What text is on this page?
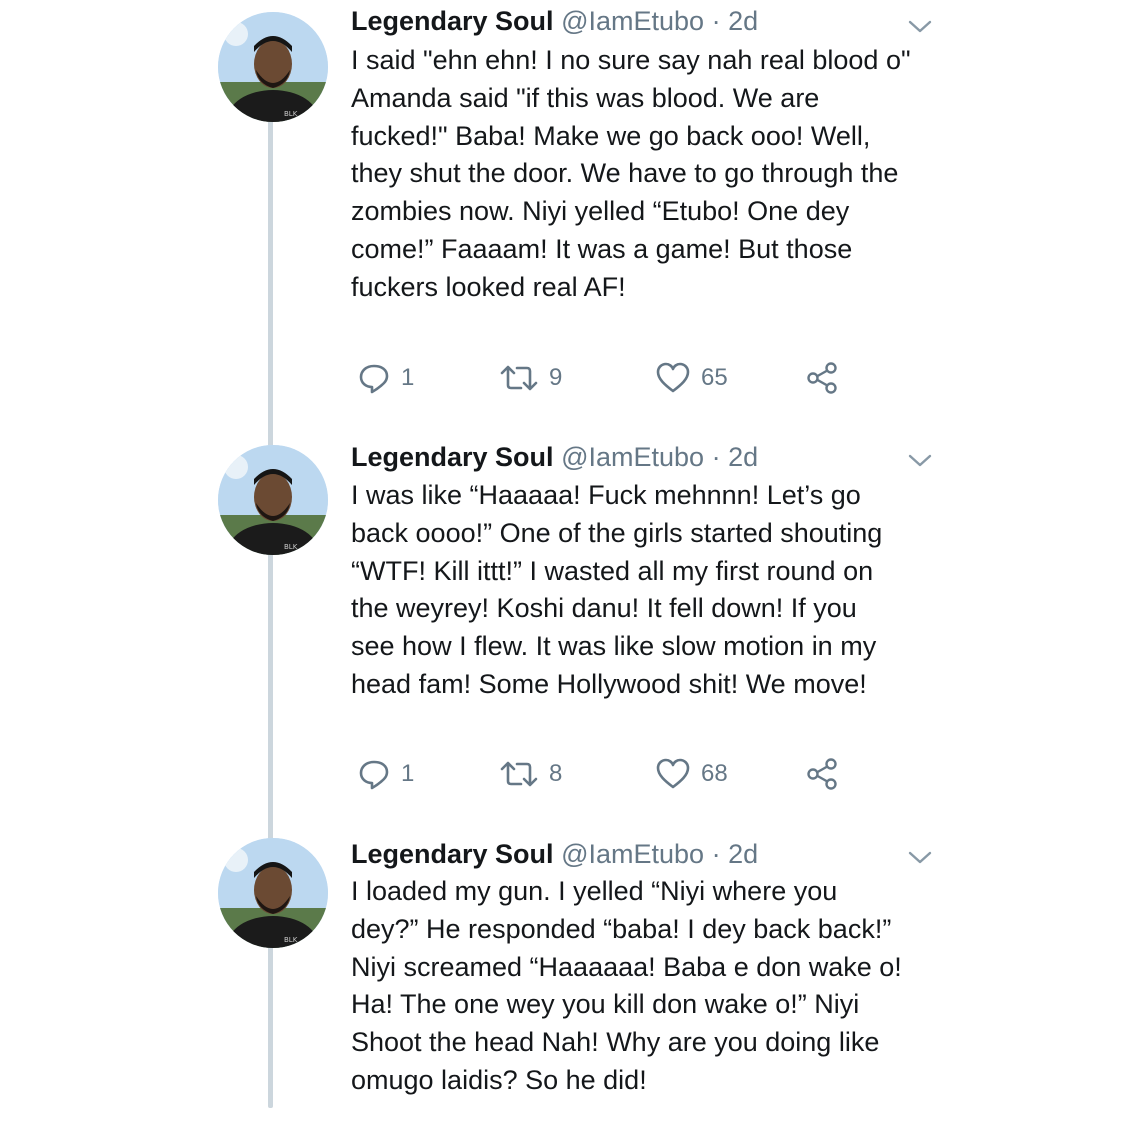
BLK
Legendary Soul @IamEtubo · 2d
I said "ehn ehn! I no sure say nah real blood o"
Amanda said "if this was blood. We are
fucked!" Baba! Make we go back ooo! Well,
they shut the door. We have to go through the
zombies now. Niyi yelled “Etubo! One dey
come!” Faaaam! It was a game! But those
fuckers looked real AF!
1	9	65
BLK
Legendary Soul @IamEtubo · 2d
I was like “Haaaaa! Fuck mehnnn! Let’s go
back oooo!” One of the girls started shouting
“WTF! Kill ittt!” I wasted all my first round on
the weyrey! Koshi danu! It fell down! If you
see how I flew. It was like slow motion in my
head fam! Some Hollywood shit! We move!
1	8	68
BLK
Legendary Soul @IamEtubo · 2d
I loaded my gun. I yelled “Niyi where you
dey?” He responded “baba! I dey back back!”
Niyi screamed “Haaaaaa! Baba e don wake o!
Ha! The one wey you kill don wake o!” Niyi
Shoot the head Nah! Why are you doing like
omugo laidis? So he did!
